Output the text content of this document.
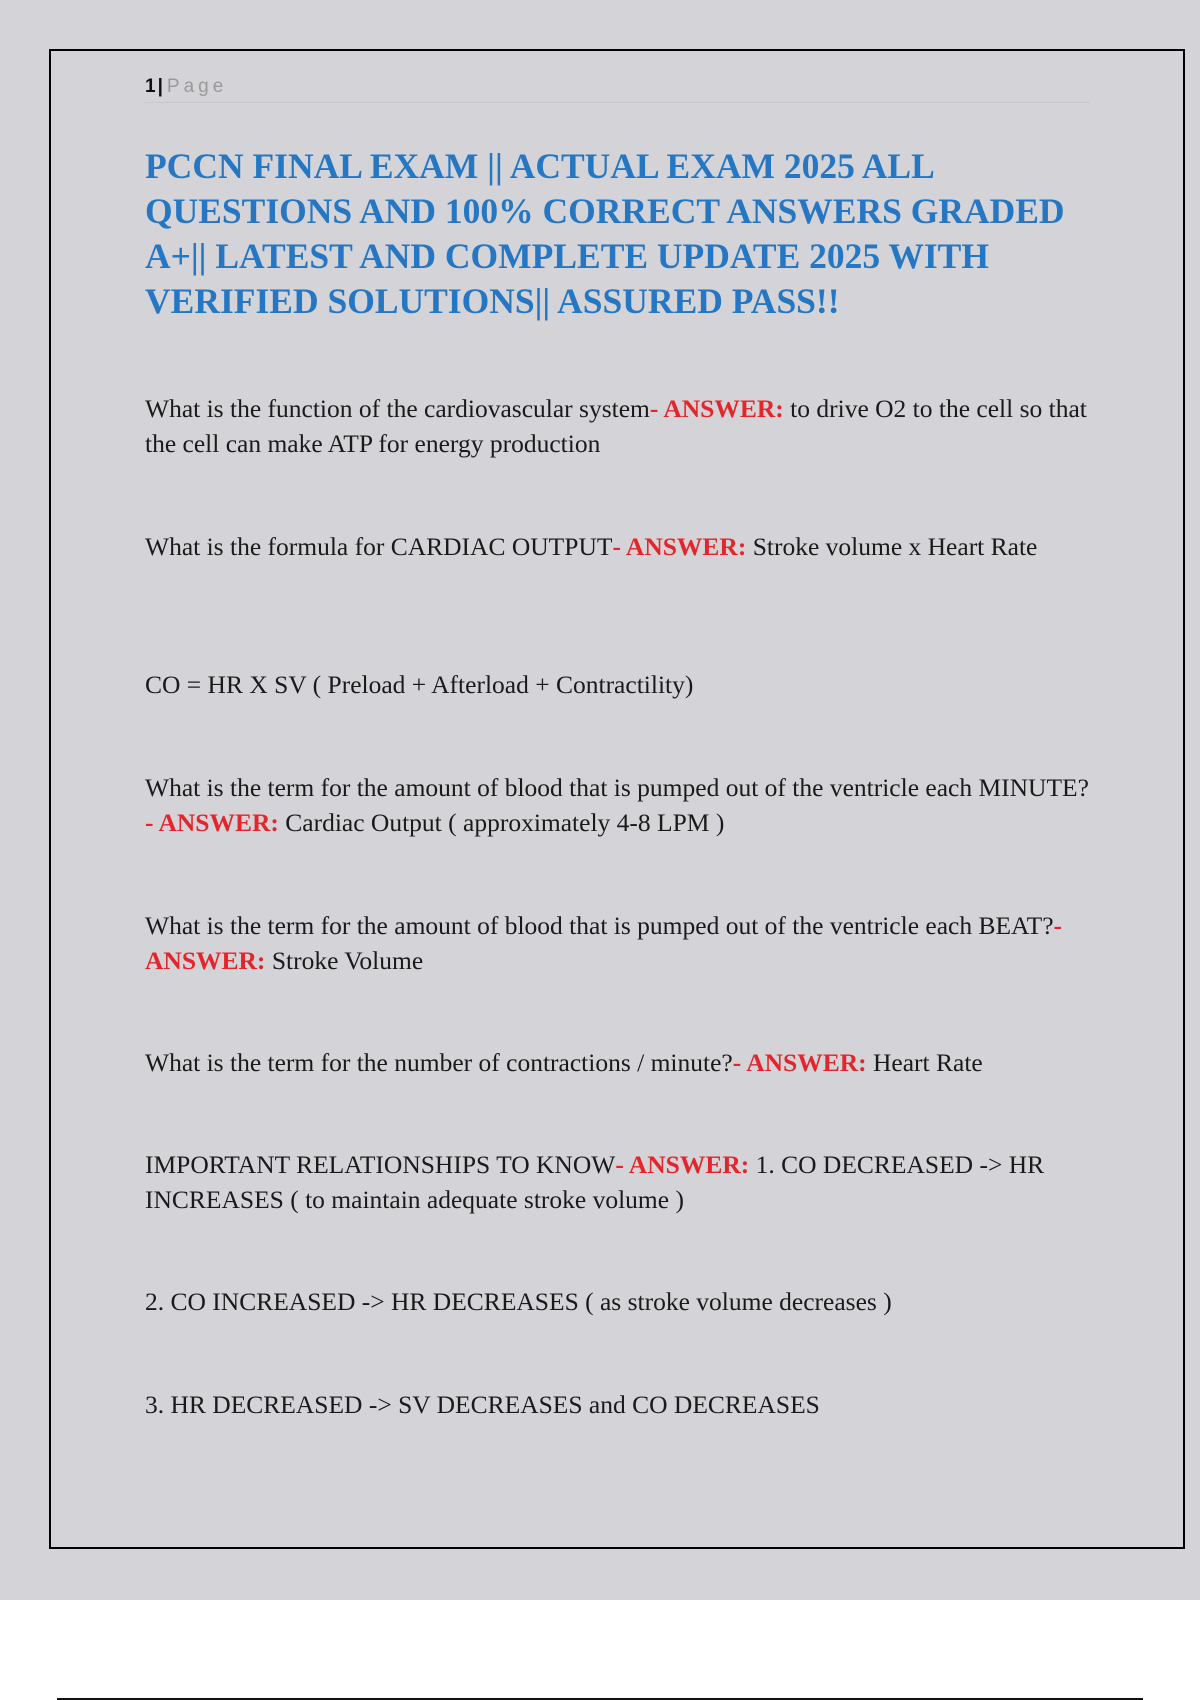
1 | Page
PCCN FINAL EXAM || ACTUAL EXAM 2025 ALL QUESTIONS AND 100% CORRECT ANSWERS GRADED A+|| LATEST AND COMPLETE UPDATE 2025 WITH VERIFIED SOLUTIONS|| ASSURED PASS!!

What is the function of the cardiovascular system- ANSWER: to drive O2 to the cell so that the cell can make ATP for energy production

What is the formula for CARDIAC OUTPUT- ANSWER: Stroke volume x Heart Rate

CO = HR X SV ( Preload + Afterload + Contractility)

What is the term for the amount of blood that is pumped out of the ventricle each MINUTE?- ANSWER: Cardiac Output ( approximately 4-8 LPM )

What is the term for the amount of blood that is pumped out of the ventricle each BEAT?- ANSWER: Stroke Volume

What is the term for the number of contractions / minute?- ANSWER: Heart Rate

IMPORTANT RELATIONSHIPS TO KNOW- ANSWER: 1. CO DECREASED -> HR INCREASES ( to maintain adequate stroke volume )

2. CO INCREASED -> HR DECREASES ( as stroke volume decreases )

3. HR DECREASED -> SV DECREASES and CO DECREASES
